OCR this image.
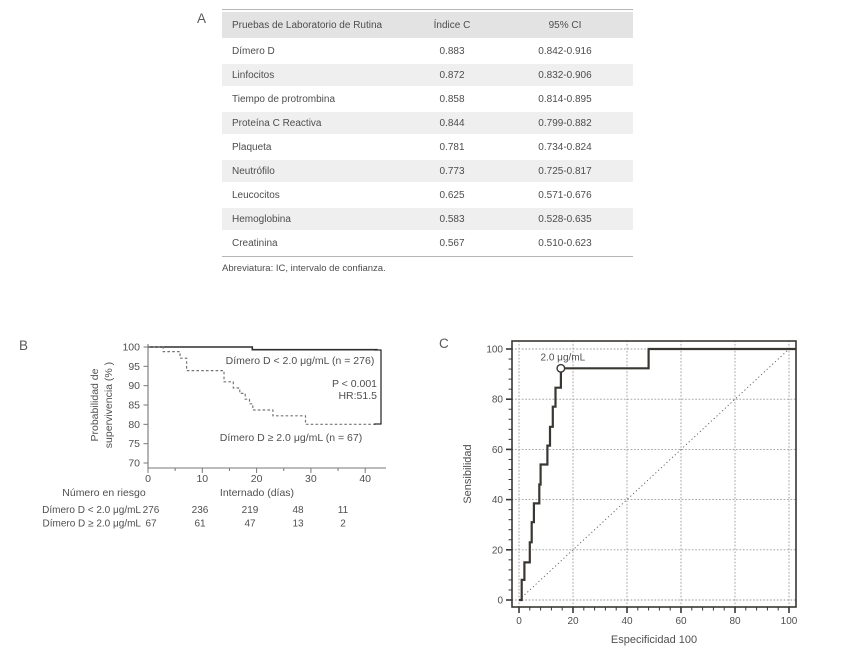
A	Pruebas de Laboratorio de Rutina	Índice C	95% CI
Dímero D	0.883	0.842-0.916
Linfocitos	0.872	0.832-0.906
Tiempo de protrombina	0.858	0.814-0.895
Proteína C Reactiva	0.844	0.799-0.882
Plaqueta	0.781	0.734-0.824
Neutrófilo	0.773	0.725-0.817
Leucocitos	0.625	0.571-0.676
Hemoglobina	0.583	0.528-0.635
Creatinina	0.567	0.510-0.623
Abreviatura: IC, intervalo de confianza.
B
70
75
80
85
90
95
100
0	10	20	30	40
Probabilidad de supervivencia (% )
Internado (días)
Dímero D < 2.0 μg/mL (n = 276)
Dímero D ≥ 2.0 μg/mL (n = 67)
P < 0.001
HR:51.5
Número en riesgo
Dímero D < 2.0 μg/mL 276	236	219	48	11
Dímero D ≥ 2.0 μg/mL 67	61	47	13	2
C
0	20	40	60	80	100
0
20
40
60
80
100
Especificidad 100
Sensibilidad
2.0 μg/mL
